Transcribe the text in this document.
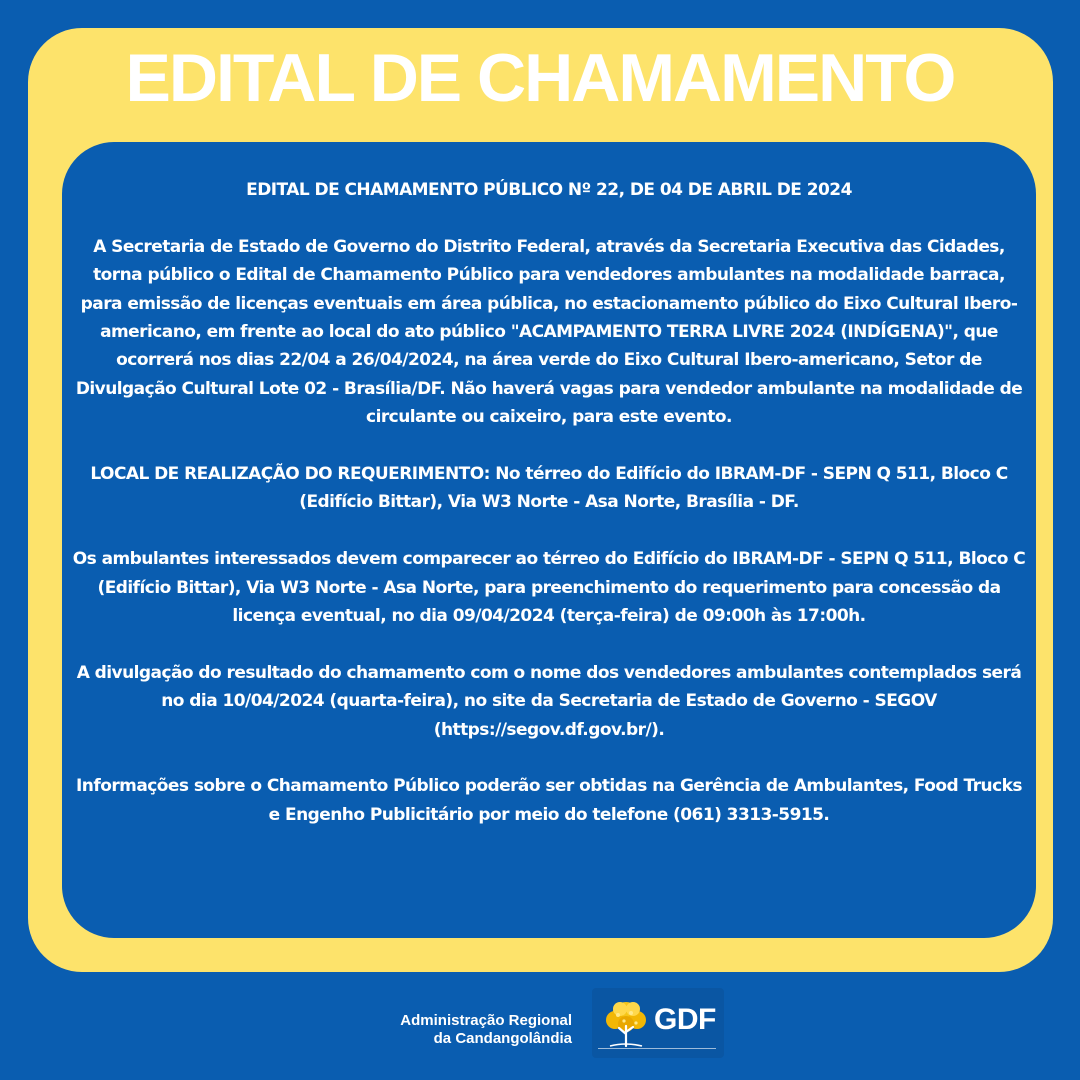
EDITAL DE CHAMAMENTO

EDITAL DE CHAMAMENTO PÚBLICO Nº 22, DE 04 DE ABRIL DE 2024

A Secretaria de Estado de Governo do Distrito Federal, através da Secretaria Executiva das Cidades, torna público o Edital de Chamamento Público para vendedores ambulantes na modalidade barraca, para emissão de licenças eventuais em área pública, no estacionamento público do Eixo Cultural Ibero-americano, em frente ao local do ato público "ACAMPAMENTO TERRA LIVRE 2024 (INDÍGENA)", que ocorrerá nos dias 22/04 a 26/04/2024, na área verde do Eixo Cultural Ibero-americano, Setor de Divulgação Cultural Lote 02 - Brasília/DF. Não haverá vagas para vendedor ambulante na modalidade de circulante ou caixeiro, para este evento.

LOCAL DE REALIZAÇÃO DO REQUERIMENTO: No térreo do Edifício do IBRAM-DF - SEPN Q 511, Bloco C (Edifício Bittar), Via W3 Norte - Asa Norte, Brasília - DF.

Os ambulantes interessados devem comparecer ao térreo do Edifício do IBRAM-DF - SEPN Q 511, Bloco C (Edifício Bittar), Via W3 Norte - Asa Norte, para preenchimento do requerimento para concessão da licença eventual, no dia 09/04/2024 (terça-feira) de 09:00h às 17:00h.

A divulgação do resultado do chamamento com o nome dos vendedores ambulantes contemplados será no dia 10/04/2024 (quarta-feira), no site da Secretaria de Estado de Governo - SEGOV (https://segov.df.gov.br/).

Informações sobre o Chamamento Público poderão ser obtidas na Gerência de Ambulantes, Food Trucks e Engenho Publicitário por meio do telefone (061) 3313-5915.

Administração Regional
da Candangolândia
GDF
